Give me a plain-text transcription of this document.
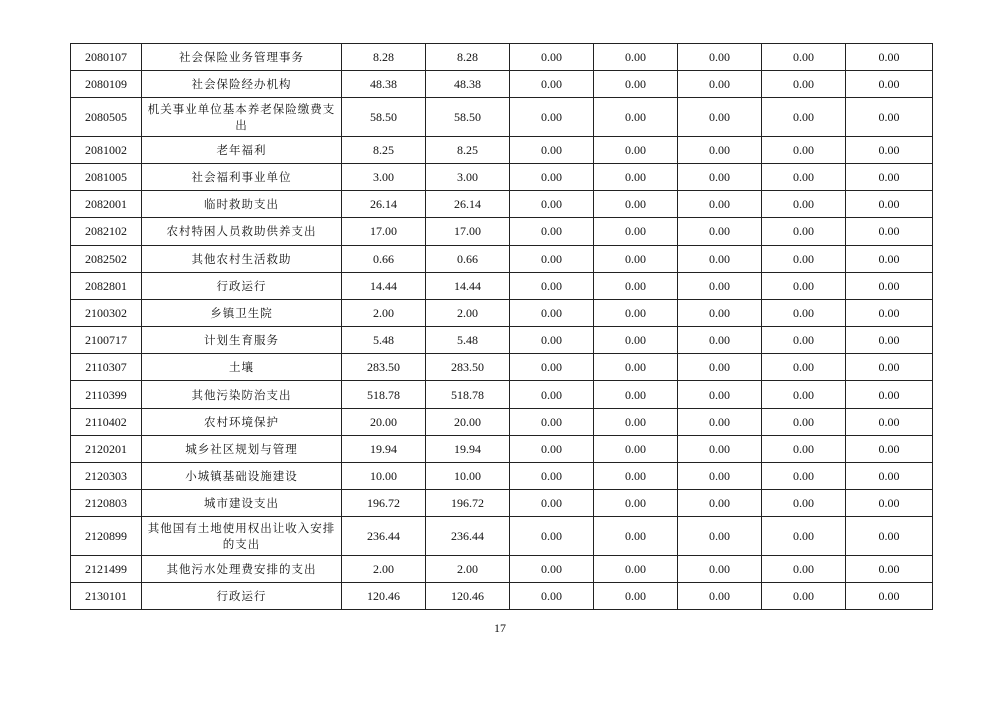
2080107	社会保险业务管理事务	8.28	8.28	0.00	0.00	0.00	0.00	0.00
2080109	社会保险经办机构	48.38	48.38	0.00	0.00	0.00	0.00	0.00
2080505	机关事业单位基本养老保险缴费支出	58.50	58.50	0.00	0.00	0.00	0.00	0.00
2081002	老年福利	8.25	8.25	0.00	0.00	0.00	0.00	0.00
2081005	社会福利事业单位	3.00	3.00	0.00	0.00	0.00	0.00	0.00
2082001	临时救助支出	26.14	26.14	0.00	0.00	0.00	0.00	0.00
2082102	农村特困人员救助供养支出	17.00	17.00	0.00	0.00	0.00	0.00	0.00
2082502	其他农村生活救助	0.66	0.66	0.00	0.00	0.00	0.00	0.00
2082801	行政运行	14.44	14.44	0.00	0.00	0.00	0.00	0.00
2100302	乡镇卫生院	2.00	2.00	0.00	0.00	0.00	0.00	0.00
2100717	计划生育服务	5.48	5.48	0.00	0.00	0.00	0.00	0.00
2110307	土壤	283.50	283.50	0.00	0.00	0.00	0.00	0.00
2110399	其他污染防治支出	518.78	518.78	0.00	0.00	0.00	0.00	0.00
2110402	农村环境保护	20.00	20.00	0.00	0.00	0.00	0.00	0.00
2120201	城乡社区规划与管理	19.94	19.94	0.00	0.00	0.00	0.00	0.00
2120303	小城镇基础设施建设	10.00	10.00	0.00	0.00	0.00	0.00	0.00
2120803	城市建设支出	196.72	196.72	0.00	0.00	0.00	0.00	0.00
2120899	其他国有土地使用权出让收入安排的支出	236.44	236.44	0.00	0.00	0.00	0.00	0.00
2121499	其他污水处理费安排的支出	2.00	2.00	0.00	0.00	0.00	0.00	0.00
2130101	行政运行	120.46	120.46	0.00	0.00	0.00	0.00	0.00
17
